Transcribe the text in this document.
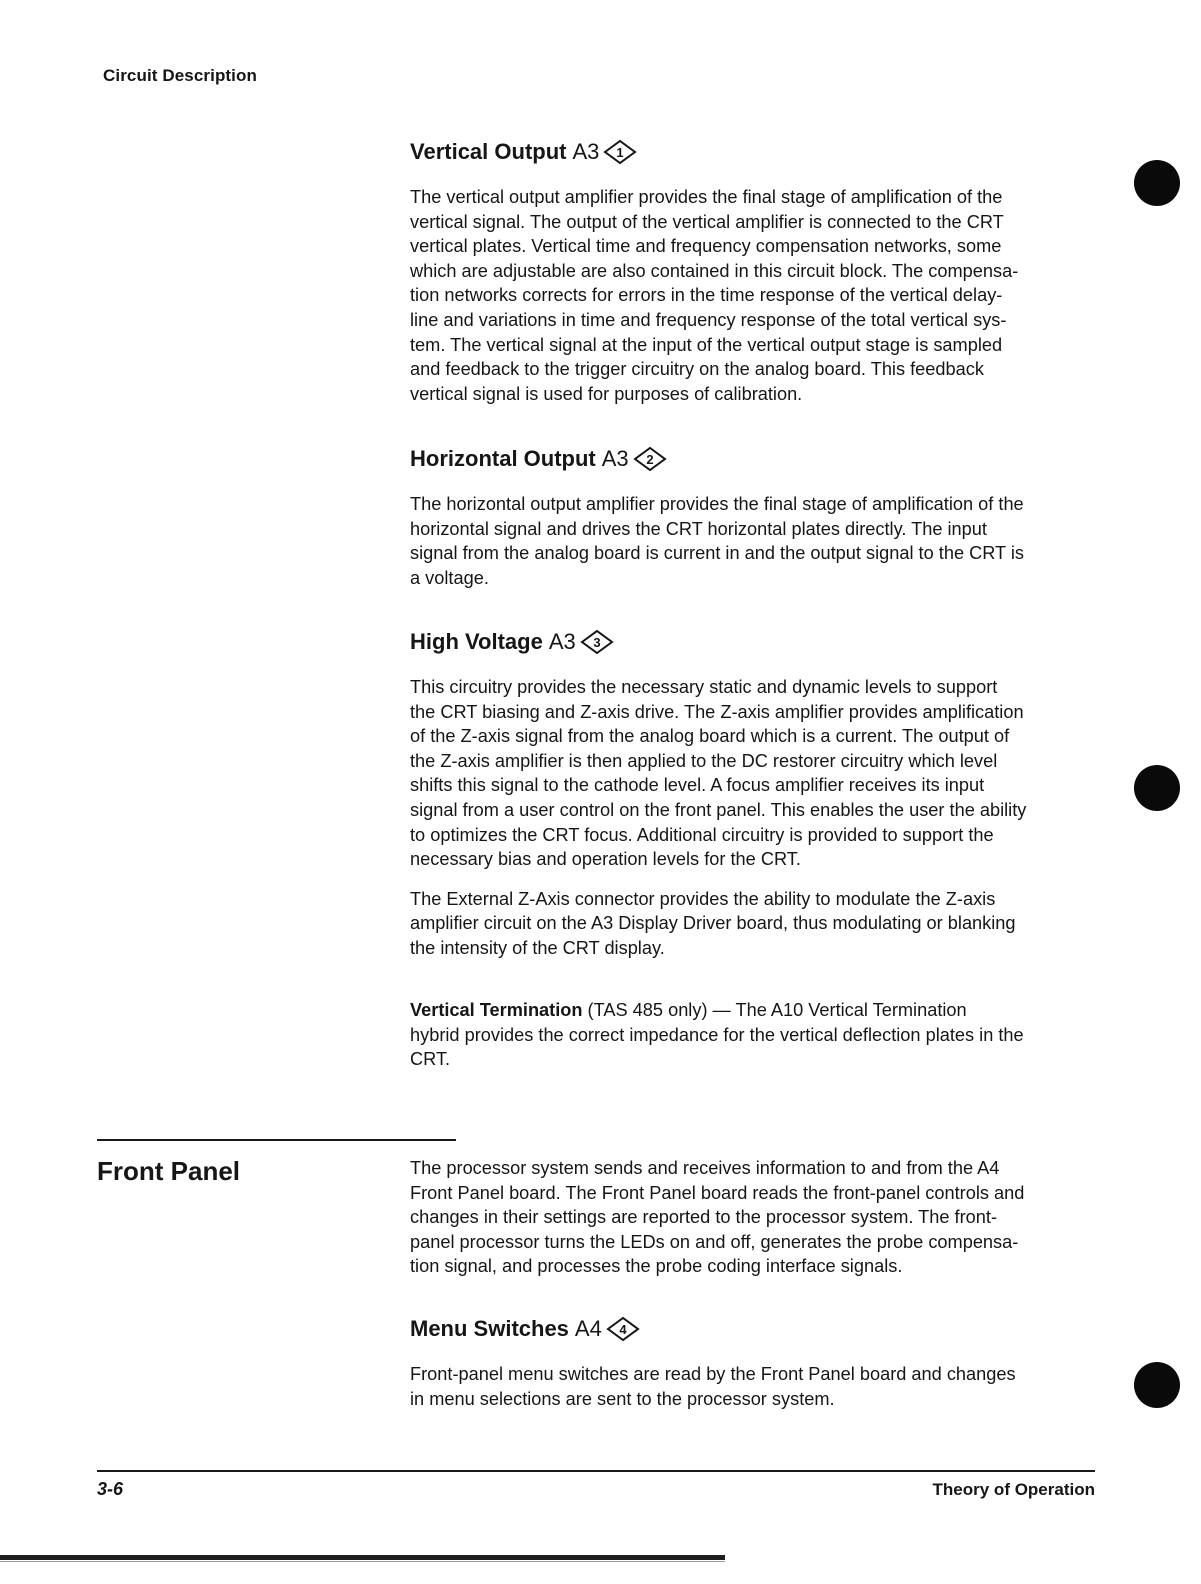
Circuit Description
Vertical Output A3 1

The vertical output amplifier provides the final stage of amplification of the
vertical signal. The output of the vertical amplifier is connected to the CRT
vertical plates. Vertical time and frequency compensation networks, some
which are adjustable are also contained in this circuit block. The compensa-
tion networks corrects for errors in the time response of the vertical delay-
line and variations in time and frequency response of the total vertical sys-
tem. The vertical signal at the input of the vertical output stage is sampled
and feedback to the trigger circuitry on the analog board. This feedback
vertical signal is used for purposes of calibration.

Horizontal Output A3 2

The horizontal output amplifier provides the final stage of amplification of the
horizontal signal and drives the CRT horizontal plates directly. The input
signal from the analog board is current in and the output signal to the CRT is
a voltage.

High Voltage A3 3

This circuitry provides the necessary static and dynamic levels to support
the CRT biasing and Z-axis drive. The Z-axis amplifier provides amplification
of the Z-axis signal from the analog board which is a current. The output of
the Z-axis amplifier is then applied to the DC restorer circuitry which level
shifts this signal to the cathode level. A focus amplifier receives its input
signal from a user control on the front panel. This enables the user the ability
to optimizes the CRT focus. Additional circuitry is provided to support the
necessary bias and operation levels for the CRT.

The External Z-Axis connector provides the ability to modulate the Z-axis
amplifier circuit on the A3 Display Driver board, thus modulating or blanking
the intensity of the CRT display.

Vertical Termination (TAS 485 only) — The A10 Vertical Termination
hybrid provides the correct impedance for the vertical deflection plates in the
CRT.

Front Panel	The processor system sends and receives information to and from the A4
Front Panel board. The Front Panel board reads the front-panel controls and
changes in their settings are reported to the processor system. The front-
panel processor turns the LEDs on and off, generates the probe compensa-
tion signal, and processes the probe coding interface signals.

Menu Switches A4 4

Front-panel menu switches are read by the Front Panel board and changes
in menu selections are sent to the processor system.

3-6	Theory of Operation
